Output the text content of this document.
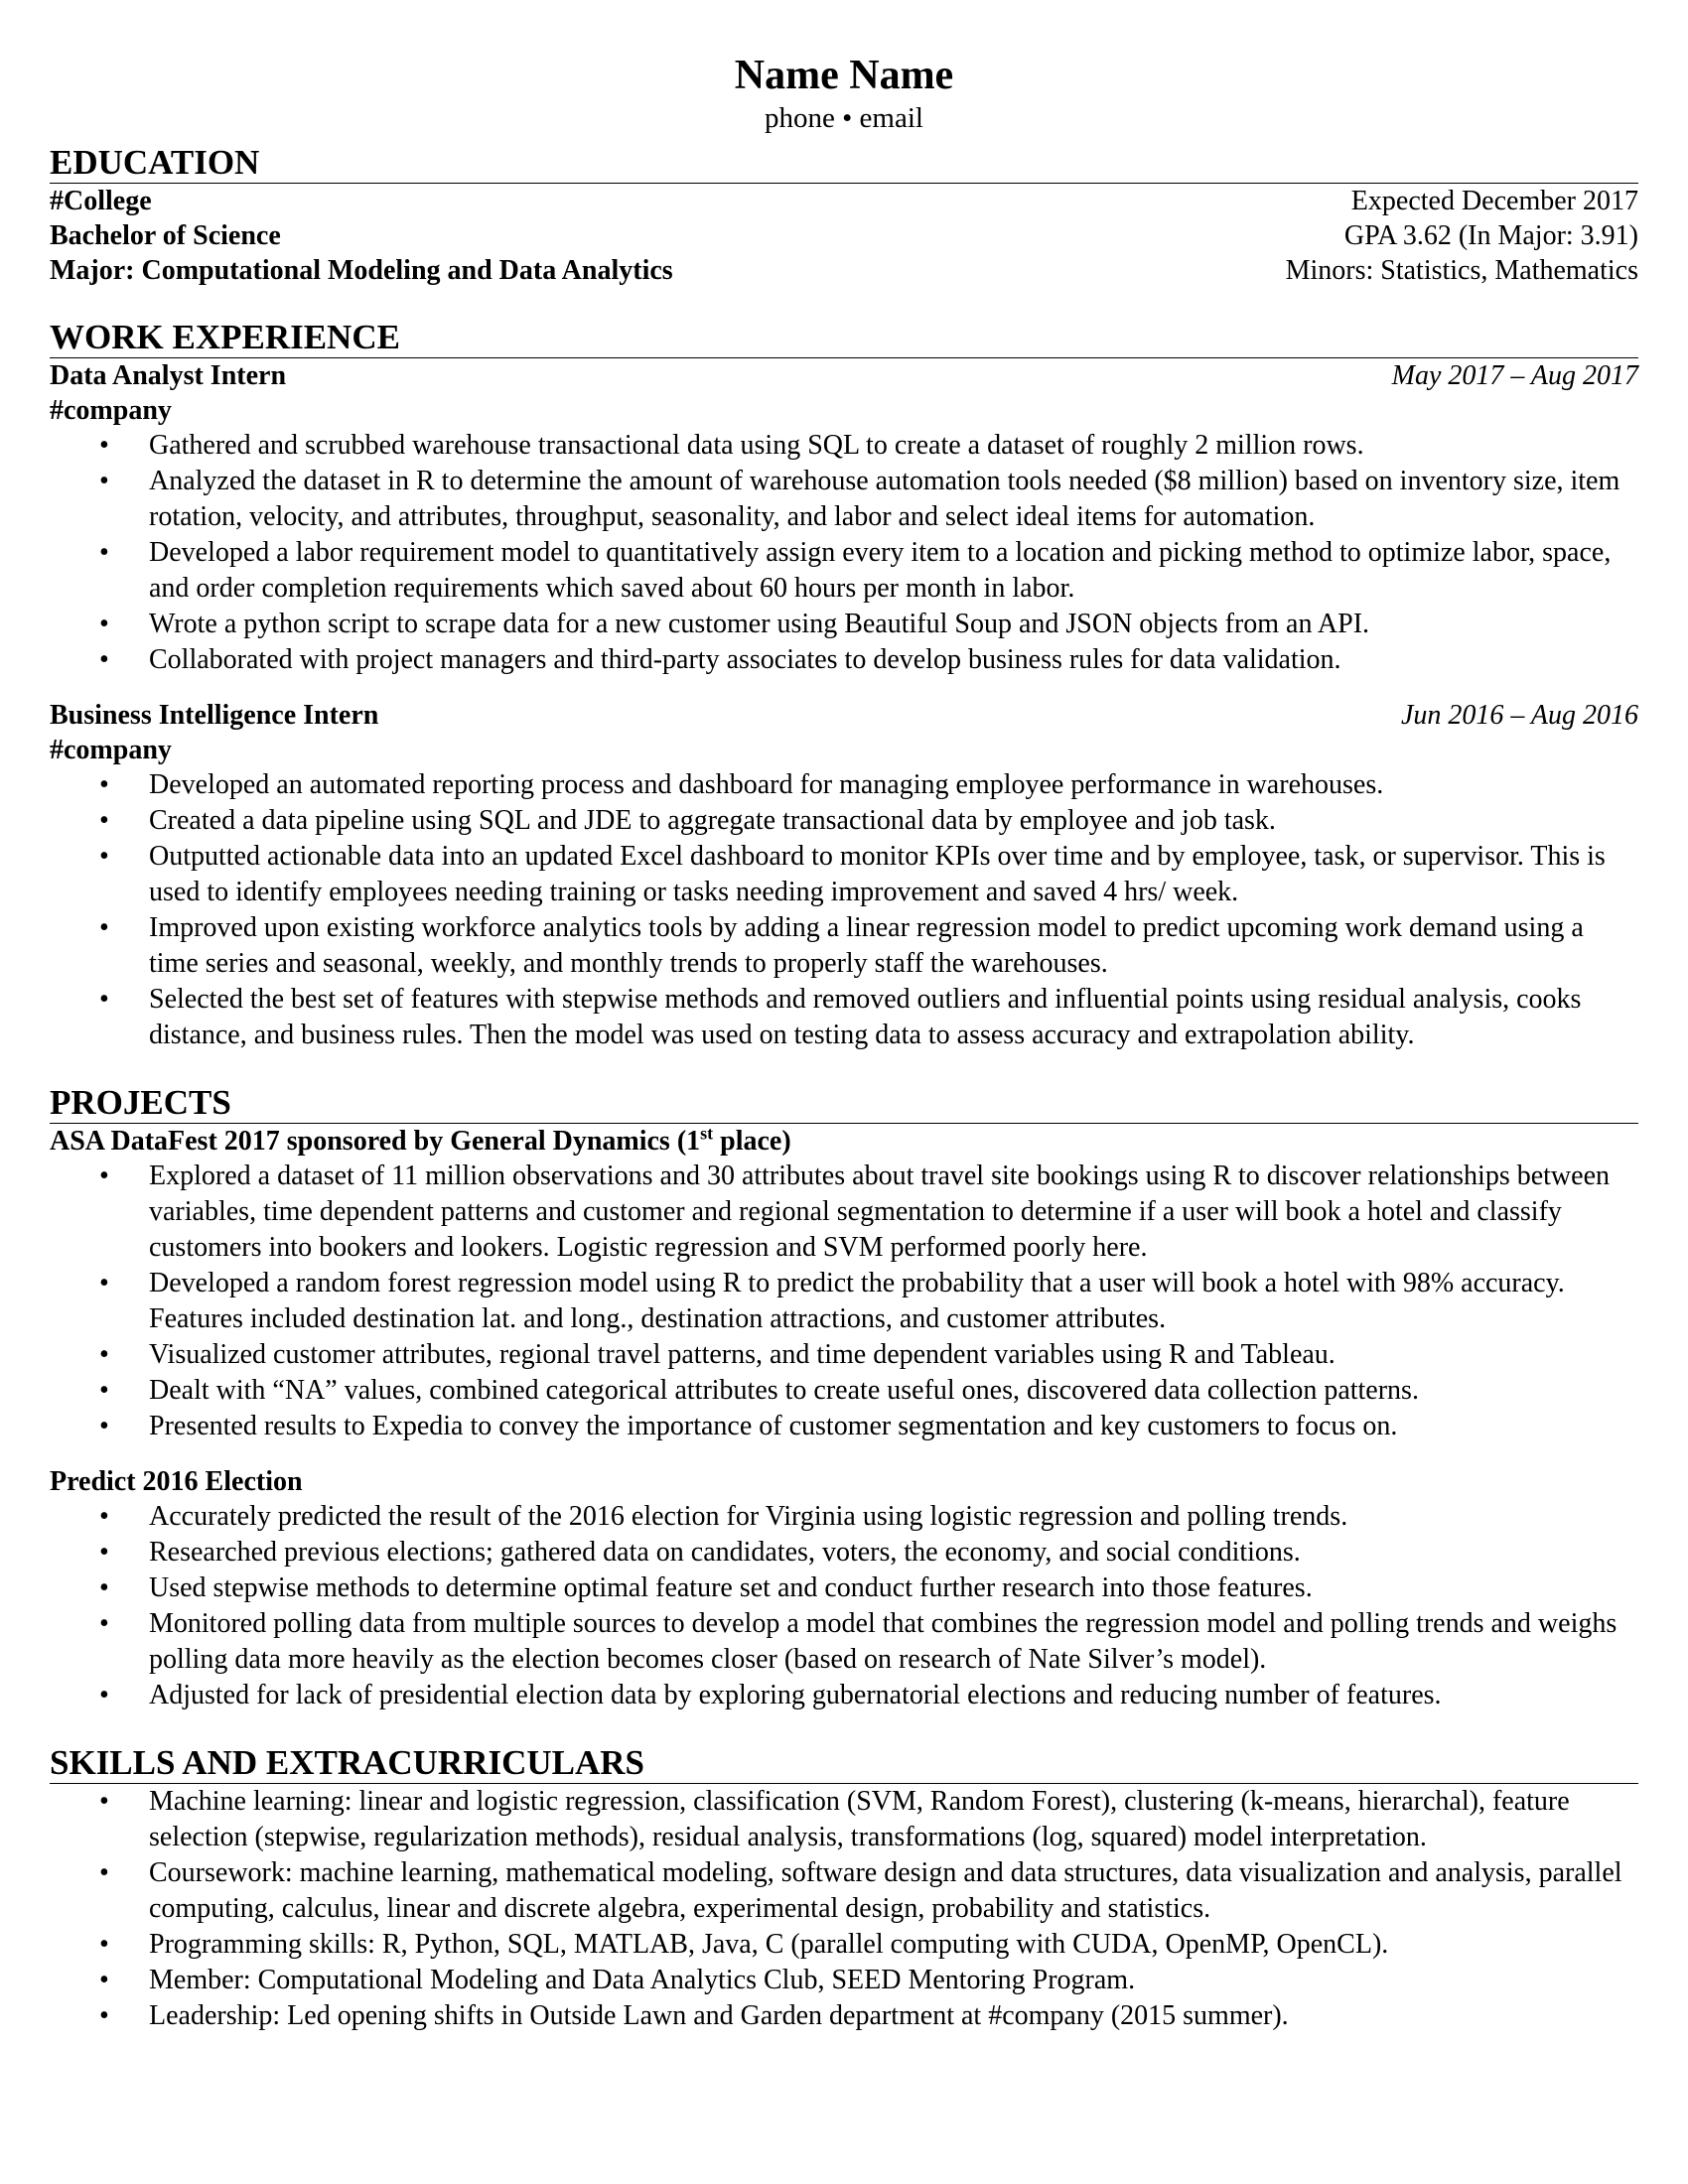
Name Name

phone • email

EDUCATION
#College	Expected December 2017
Bachelor of Science	GPA 3.62 (In Major: 3.91)
Major: Computational Modeling and Data Analytics	Minors: Statistics, Mathematics
WORK EXPERIENCE
Data Analyst Intern	May 2017 – Aug 2017
#company
• Gathered and scrubbed warehouse transactional data using SQL to create a dataset of roughly 2 million rows.
• Analyzed the dataset in R to determine the amount of warehouse automation tools needed ($8 million) based on inventory size, item rotation, velocity, and attributes, throughput, seasonality, and labor and select ideal items for automation.
• Developed a labor requirement model to quantitatively assign every item to a location and picking method to optimize labor, space, and order completion requirements which saved about 60 hours per month in labor.
• Wrote a python script to scrape data for a new customer using Beautiful Soup and JSON objects from an API.
• Collaborated with project managers and third-party associates to develop business rules for data validation.
Business Intelligence Intern	Jun 2016 – Aug 2016
#company
• Developed an automated reporting process and dashboard for managing employee performance in warehouses.
• Created a data pipeline using SQL and JDE to aggregate transactional data by employee and job task.
• Outputted actionable data into an updated Excel dashboard to monitor KPIs over time and by employee, task, or supervisor. This is used to identify employees needing training or tasks needing improvement and saved 4 hrs/ week.
• Improved upon existing workforce analytics tools by adding a linear regression model to predict upcoming work demand using a time series and seasonal, weekly, and monthly trends to properly staff the warehouses.
• Selected the best set of features with stepwise methods and removed outliers and influential points using residual analysis, cooks distance, and business rules. Then the model was used on testing data to assess accuracy and extrapolation ability.
PROJECTS
ASA DataFest 2017 sponsored by General Dynamics (1st place)
• Explored a dataset of 11 million observations and 30 attributes about travel site bookings using R to discover relationships between variables, time dependent patterns and customer and regional segmentation to determine if a user will book a hotel and classify customers into bookers and lookers. Logistic regression and SVM performed poorly here.
• Developed a random forest regression model using R to predict the probability that a user will book a hotel with 98% accuracy. Features included destination lat. and long., destination attractions, and customer attributes.
• Visualized customer attributes, regional travel patterns, and time dependent variables using R and Tableau.
• Dealt with “NA” values, combined categorical attributes to create useful ones, discovered data collection patterns.
• Presented results to Expedia to convey the importance of customer segmentation and key customers to focus on.
Predict 2016 Election
• Accurately predicted the result of the 2016 election for Virginia using logistic regression and polling trends.
• Researched previous elections; gathered data on candidates, voters, the economy, and social conditions.
• Used stepwise methods to determine optimal feature set and conduct further research into those features.
• Monitored polling data from multiple sources to develop a model that combines the regression model and polling trends and weighs polling data more heavily as the election becomes closer (based on research of Nate Silver’s model).
• Adjusted for lack of presidential election data by exploring gubernatorial elections and reducing number of features.
SKILLS AND EXTRACURRICULARS
• Machine learning: linear and logistic regression, classification (SVM, Random Forest), clustering (k-means, hierarchal), feature selection (stepwise, regularization methods), residual analysis, transformations (log, squared) model interpretation.
• Coursework: machine learning, mathematical modeling, software design and data structures, data visualization and analysis, parallel computing, calculus, linear and discrete algebra, experimental design, probability and statistics.
• Programming skills: R, Python, SQL, MATLAB, Java, C (parallel computing with CUDA, OpenMP, OpenCL).
• Member: Computational Modeling and Data Analytics Club, SEED Mentoring Program.
• Leadership: Led opening shifts in Outside Lawn and Garden department at #company (2015 summer).
